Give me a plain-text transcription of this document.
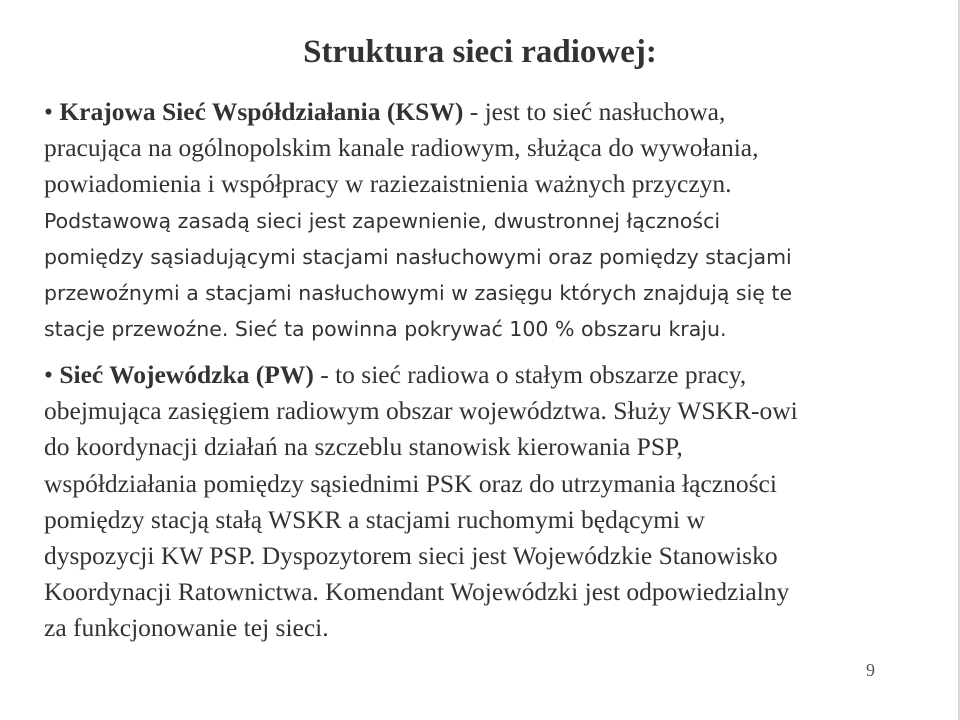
Struktura sieci radiowej:
• Krajowa Sieć Współdziałania (KSW) - jest to sieć nasłuchowa,
pracująca na ogólnopolskim kanale radiowym, służąca do wywołania,
powiadomienia i współpracy w raziezaistnienia ważnych przyczyn.
Podstawową zasadą sieci jest zapewnienie, dwustronnej łączności
pomiędzy sąsiadującymi stacjami nasłuchowymi oraz pomiędzy stacjami
przewoźnymi a stacjami nasłuchowymi w zasięgu których znajdują się te
stacje przewoźne. Sieć ta powinna pokrywać 100 % obszaru kraju.
• Sieć Wojewódzka (PW) - to sieć radiowa o stałym obszarze pracy,
obejmująca zasięgiem radiowym obszar województwa. Służy WSKR-owi
do koordynacji działań na szczeblu stanowisk kierowania PSP,
współdziałania pomiędzy sąsiednimi PSK oraz do utrzymania łączności
pomiędzy stacją stałą WSKR a stacjami ruchomymi będącymi w
dyspozycji KW PSP. Dyspozytorem sieci jest Wojewódzkie Stanowisko
Koordynacji Ratownictwa. Komendant Wojewódzki jest odpowiedzialny
za funkcjonowanie tej sieci.
9
